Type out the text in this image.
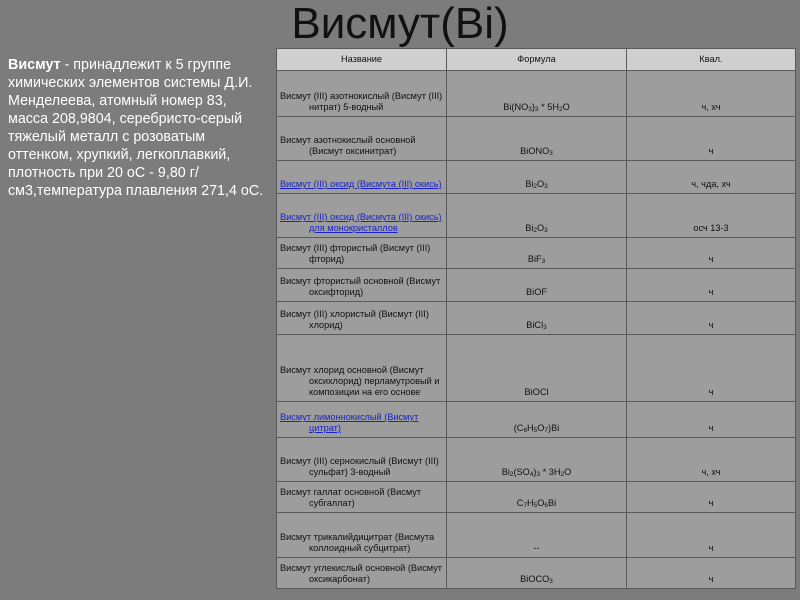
Висмут(Bi)
Висмут - принадлежит к 5 группе химических элементов системы Д.И. Менделеева, атомный номер 83, масса 208,9804, серебристо-серый тяжелый металл с розоватым оттенком, хрупкий, легкоплавкий, плотность при 20 оС - 9,80 г/см3,температура плавления 271,4 оС.
Название	Формула	Квал.

Висмут (III) азотнокислый (Висмут (III) нитрат) 5-водный	$Bi(NO_3)_3 * 5H_2O$	ч, хч

Висмут азотнокислый основной (Висмут оксинитрат)	BiONO$_3$	ч

Висмут (III) оксид (Висмута (III) окись)	$Bi_2O_3$	ч, чда, хч

Висмут (III) оксид (Висмута (III) окись) для монокристаллов	$Bi_2O_3$	осч 13-3

Висмут (III) фтористый (Висмут (III) фторид)	BiF$_3$	ч

Висмут фтористый основной (Висмут оксифторид)	BiOF	ч

Висмут (III) хлористый (Висмут (III) хлорид)	BiCl$_3$	ч

Висмут хлорид основной (Висмут оксихлорид) перламутровый и композиции на его основе	BiOCl	ч

Висмут лимоннокислый (Висмут цитрат)	$(C_6H_5O_7)Bi$	ч

Висмут (III) сернокислый (Висмут (III) сульфат) 3-водный	$Bi_2(SO_4)_3 * 3H_2O$	ч, хч

Висмут галлат основной (Висмут субгаллат)	$C_7H_5O_6Bi$	ч

Висмут трикалийдицитрат (Висмута коллоидный субцитрат)	--	ч

Висмут углекислый основной (Висмут оксикарбонат)	BiOCO$_3$	ч
